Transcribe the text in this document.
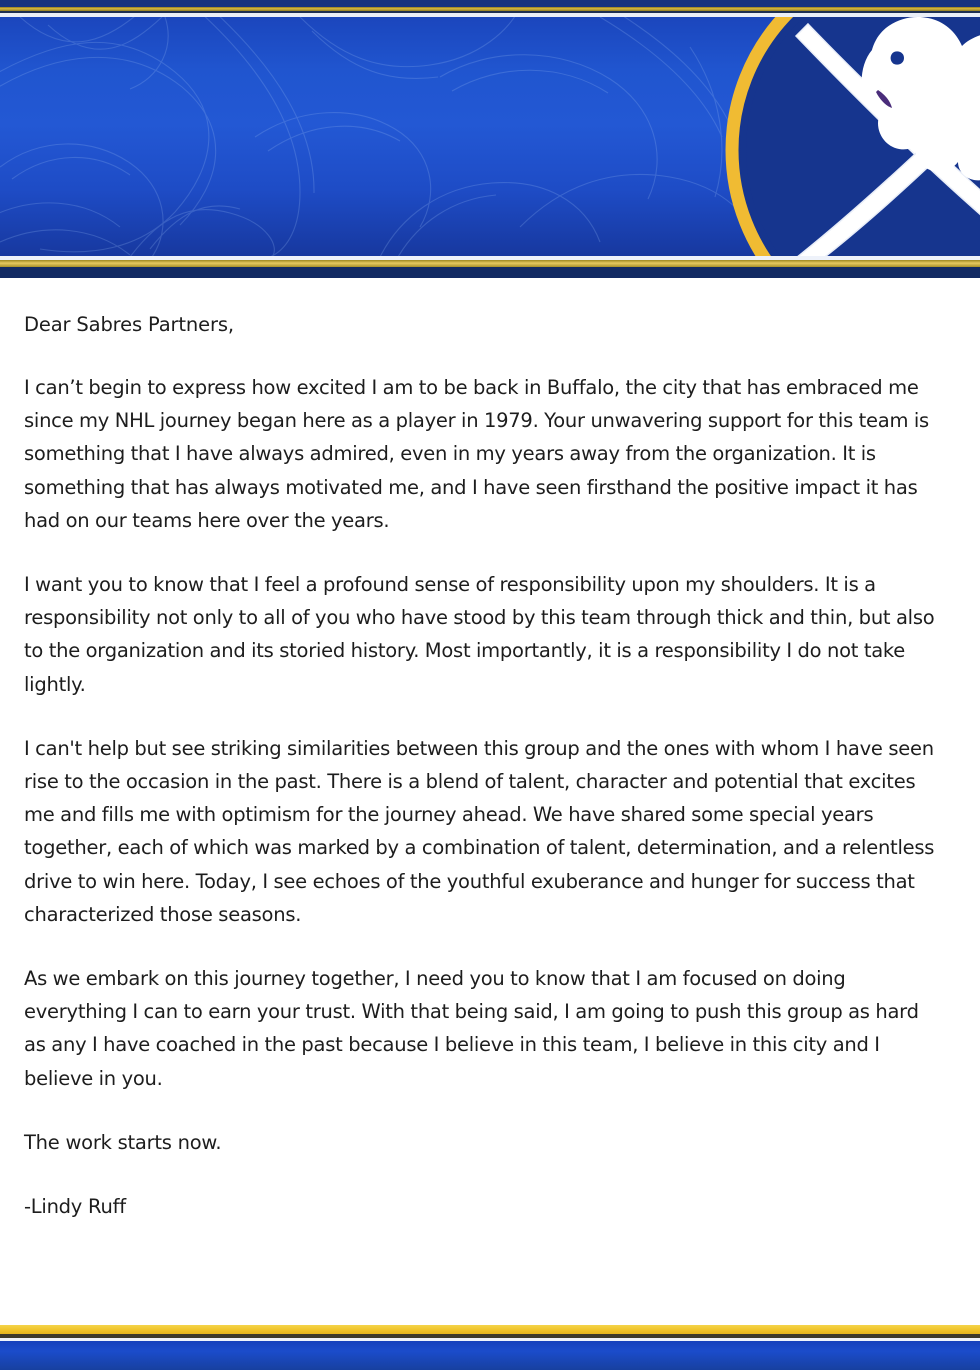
Dear Sabres Partners,

I can’t begin to express how excited I am to be back in Buffalo, the city that has embraced me since my NHL journey began here as a player in 1979. Your unwavering support for this team is something that I have always admired, even in my years away from the organization. It is something that has always motivated me, and I have seen firsthand the positive impact it has had on our teams here over the years.

I want you to know that I feel a profound sense of responsibility upon my shoulders. It is a responsibility not only to all of you who have stood by this team through thick and thin, but also to the organization and its storied history. Most importantly, it is a responsibility I do not take lightly.

I can't help but see striking similarities between this group and the ones with whom I have seen rise to the occasion in the past. There is a blend of talent, character and potential that excites me and fills me with optimism for the journey ahead. We have shared some special years together, each of which was marked by a combination of talent, determination, and a relentless drive to win here. Today, I see echoes of the youthful exuberance and hunger for success that characterized those seasons.

As we embark on this journey together, I need you to know that I am focused on doing everything I can to earn your trust. With that being said, I am going to push this group as hard as any I have coached in the past because I believe in this team, I believe in this city and I believe in you.

The work starts now.

-Lindy Ruff
